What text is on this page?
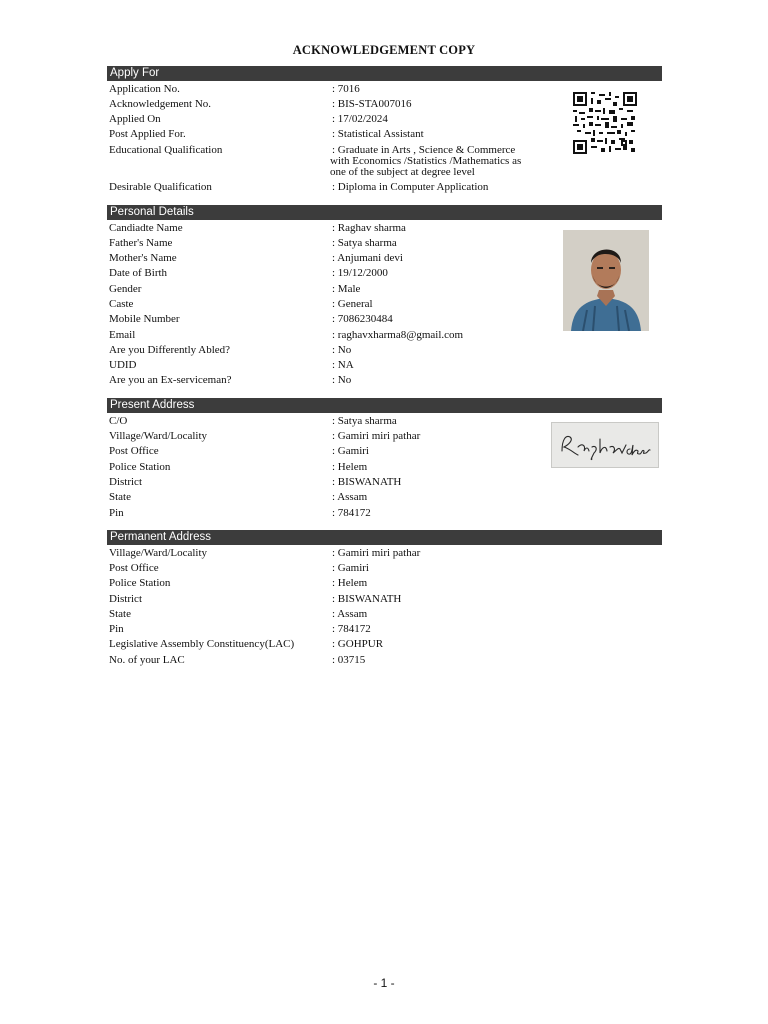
ACKNOWLEDGEMENT COPY
Apply For
Application No.	: 7016
Acknowledgement No.	: BIS-STA007016
Applied On	: 17/02/2024
Post Applied For.	: Statistical Assistant
Educational Qualification	: Graduate in Arts , Science & Commerce
with Economics /Statistics /Mathematics as
one of the subject at degree level
Desirable Qualification	: Diploma in Computer Application
Personal Details
Candiadte Name	: Raghav sharma
Father's Name	: Satya sharma
Mother's Name	: Anjumani devi
Date of Birth	: 19/12/2000
Gender	: Male
Caste	: General
Mobile Number	: 7086230484
Email	: raghavxharma8@gmail.com
Are you Differently Abled?	: No
UDID	: NA
Are you an Ex-serviceman?	: No
Present Address
C/O	: Satya sharma
Village/Ward/Locality	: Gamiri miri pathar
Post Office	: Gamiri
Police Station	: Helem
District	: BISWANATH
State	: Assam
Pin	: 784172
Permanent Address
Village/Ward/Locality	: Gamiri miri pathar
Post Office	: Gamiri
Police Station	: Helem
District	: BISWANATH
State	: Assam
Pin	: 784172
Legislative Assembly Constituency(LAC)	: GOHPUR
No. of your LAC	: 03715
- 1 -
